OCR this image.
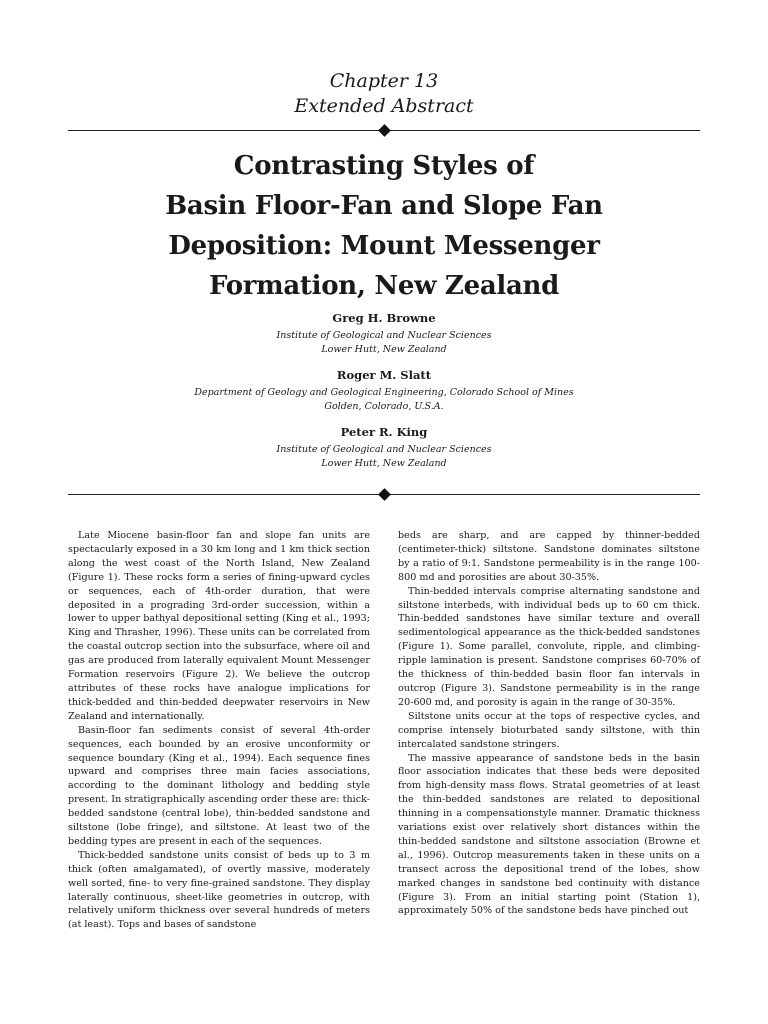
Chapter 13
Extended Abstract
Contrasting Styles of
Basin Floor-Fan and Slope Fan
Deposition: Mount Messenger
Formation, New Zealand
Greg H. Browne
Institute of Geological and Nuclear Sciences
Lower Hutt, New Zealand
Roger M. Slatt
Department of Geology and Geological Engineering, Colorado School of Mines
Golden, Colorado, U.S.A.
Peter R. King
Institute of Geological and Nuclear Sciences
Lower Hutt, New Zealand

Late Miocene basin-floor fan and slope fan units are spectacularly exposed in a 30 km long and 1 km thick section along the west coast of the North Island, New Zealand (Figure 1). These rocks form a series of fining-upward cycles or sequences, each of 4th-order duration, that were deposited in a prograding 3rd-order succession, within a lower to upper bathyal depositional setting (King et al., 1993; King and Thrasher, 1996). These units can be correlated from the coastal outcrop section into the subsurface, where oil and gas are produced from laterally equivalent Mount Messenger Formation reservoirs (Figure 2). We believe the outcrop attributes of these rocks have analogue implications for thick-bedded and thin-bedded deepwater reservoirs in New Zealand and internationally.

Basin-floor fan sediments consist of several 4th-order sequences, each bounded by an erosive unconformity or sequence boundary (King et al., 1994). Each sequence fines upward and comprises three main facies associations, according to the dominant lithology and bedding style present. In stratigraphically ascending order these are: thick-bedded sandstone (central lobe), thin-bedded sandstone and siltstone (lobe fringe), and siltstone. At least two of the bedding types are present in each of the sequences.

Thick-bedded sandstone units consist of beds up to 3 m thick (often amalgamated), of overtly massive, moderately well sorted, fine- to very fine-grained sandstone. They display laterally continuous, sheet-like geometries in outcrop, with relatively uniform thickness over several hundreds of meters (at least). Tops and bases of sandstone

beds are sharp, and are capped by thinner-bedded (centimeter-thick) siltstone. Sandstone dominates siltstone by a ratio of 9:1. Sandstone permeability is in the range 100-800 md and porosities are about 30-35%.

Thin-bedded intervals comprise alternating sandstone and siltstone interbeds, with individual beds up to 60 cm thick. Thin-bedded sandstones have similar texture and overall sedimentological appearance as the thick-bedded sandstones (Figure 1). Some parallel, convolute, ripple, and climbing-ripple lamination is present. Sandstone comprises 60-70% of the thickness of thin-bedded basin floor fan intervals in outcrop (Figure 3). Sandstone permeability is in the range 20-600 md, and porosity is again in the range of 30-35%.

Siltstone units occur at the tops of respective cycles, and comprise intensely bioturbated sandy siltstone, with thin intercalated sandstone stringers.

The massive appearance of sandstone beds in the basin floor association indicates that these beds were deposited from high-density mass flows. Stratal geometries of at least the thin-bedded sandstones are related to depositional thinning in a compensationstyle manner. Dramatic thickness variations exist over relatively short distances within the thin-bedded sandstone and siltstone association (Browne et al., 1996). Outcrop measurements taken in these units on a transect across the depositional trend of the lobes, show marked changes in sandstone bed continuity with distance (Figure 3). From an initial starting point (Station 1), approximately 50% of the sandstone beds have pinched out
